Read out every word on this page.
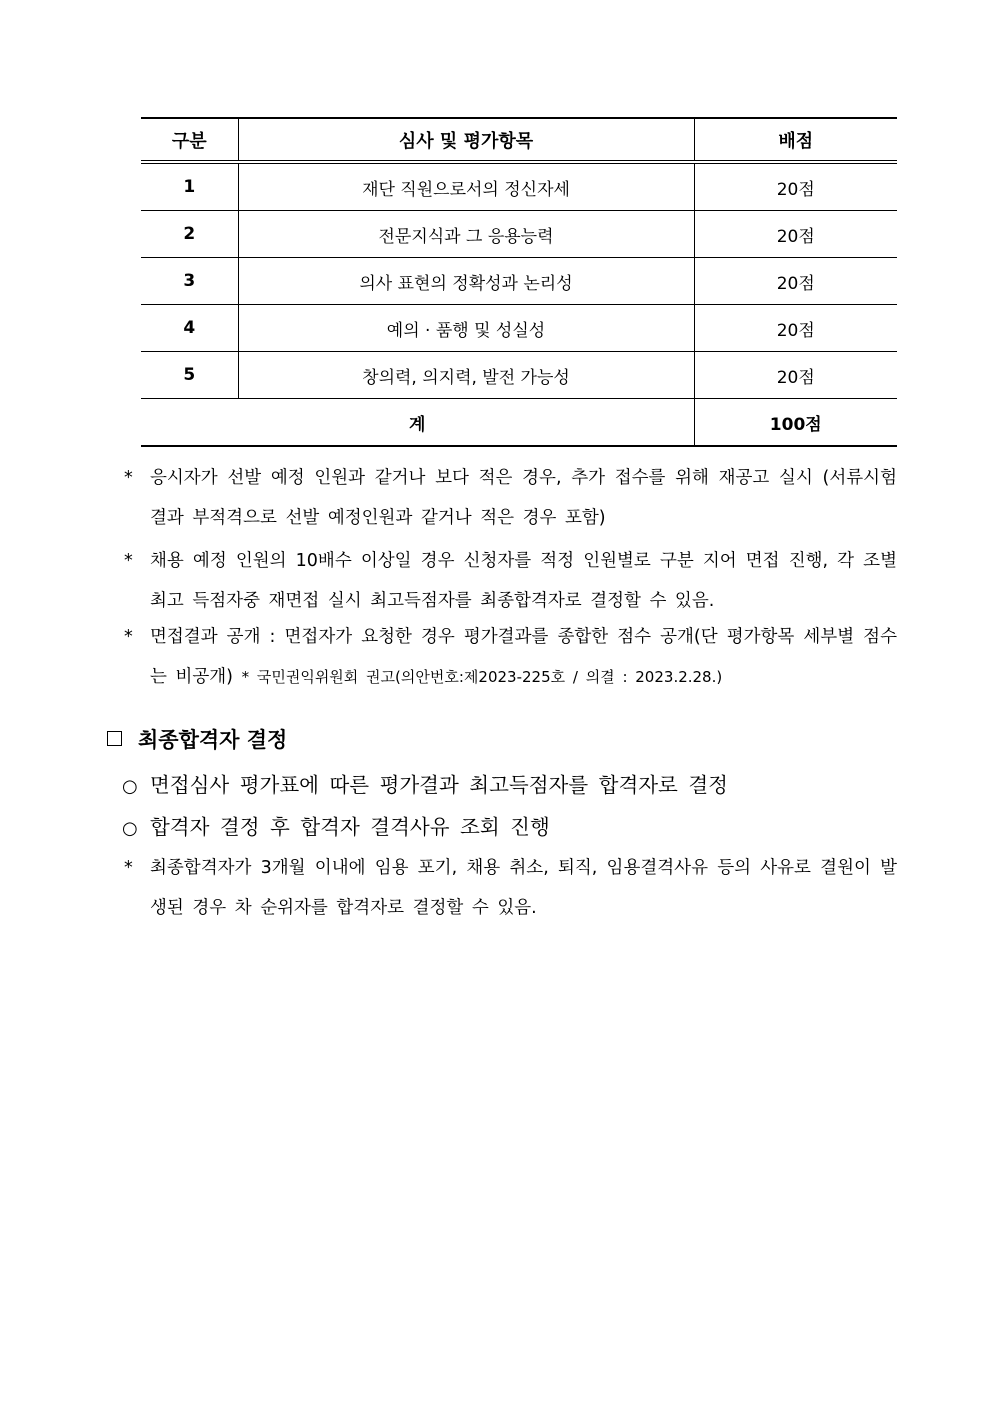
구분	심사 및 평가항목	배점
1	재단 직원으로서의 정신자세	20점
2	전문지식과 그 응용능력	20점
3	의사 표현의 정확성과 논리성	20점
4	예의 · 품행 및 성실성	20점
5	창의력, 의지력, 발전 가능성	20점
계		100점
* 응시자가 선발 예정 인원과 같거나 보다 적은 경우, 추가 접수를 위해 재공고 실시 (서류시험 결과 부적격으로 선발 예정인원과 같거나 적은 경우 포함)
* 채용 예정 인원의 10배수 이상일 경우 신청자를 적정 인원별로 구분 지어 면접 진행, 각 조별 최고 득점자중 재면접 실시 최고득점자를 최종합격자로 결정할 수 있음.
* 면접결과 공개 : 면접자가 요청한 경우 평가결과를 종합한 점수 공개(단 평가항목 세부별 점수는 비공개) * 국민권익위원회 권고(의안번호:제2023-225호 / 의결 : 2023.2.28.)
최종합격자 결정
○ 면접심사 평가표에 따른 평가결과 최고득점자를 합격자로 결정
○ 합격자 결정 후 합격자 결격사유 조회 진행
* 최종합격자가 3개월 이내에 임용 포기, 채용 취소, 퇴직, 임용결격사유 등의 사유로 결원이 발생된 경우 차 순위자를 합격자로 결정할 수 있음.
